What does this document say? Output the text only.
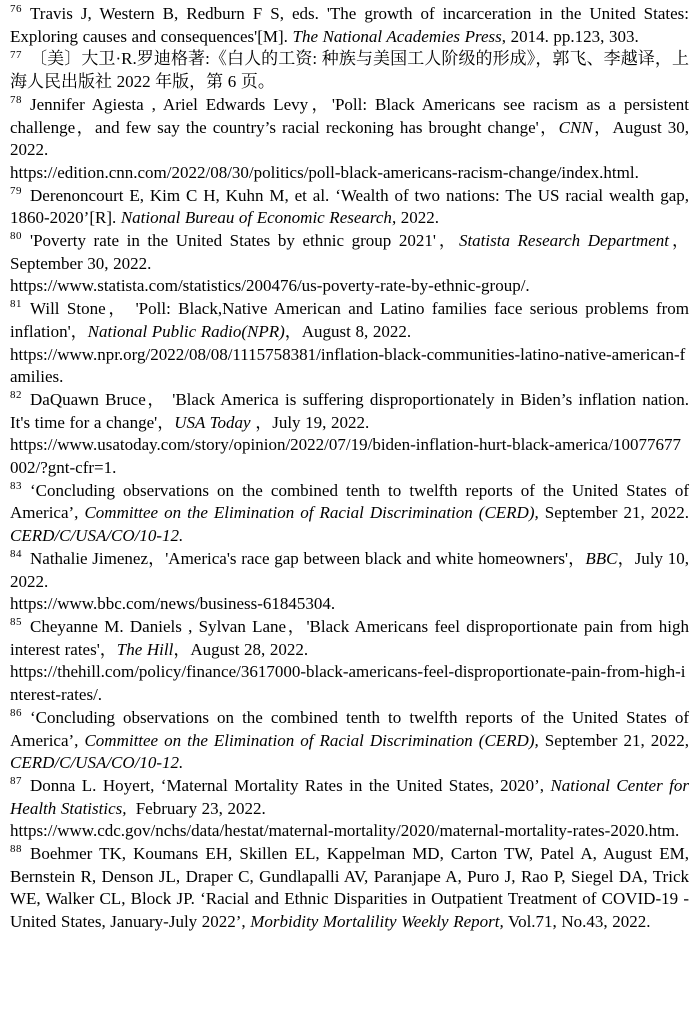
$^{76}$ Travis J, Western B, Redburn F S, eds. 'The growth of incarceration in the United States: Exploring causes and consequences'[M]. The National Academies Press, 2014. pp.123, 303.

$^{77}$ 〔美〕大卫·R.罗迪格著:《白人的工资: 种族与美国工人阶级的形成》，郭飞、李越译，上海人民出版社 2022 年版，第 6 页。

$^{78}$ Jennifer Agiesta , Ariel Edwards Levy，'Poll: Black Americans see racism as a persistent challenge，and few say the country’s racial reckoning has brought change'，CNN，August 30, 2022.
https://edition.cnn.com/2022/08/30/politics/poll-black-americans-racism-change/index.html.

$^{79}$ Derenoncourt E, Kim C H, Kuhn M, et al. ‘Wealth of two nations: The US racial wealth gap, 1860-2020’[R]. National Bureau of Economic Research, 2022.

$^{80}$ 'Poverty rate in the United States by ethnic group 2021'，Statista Research Department，September 30, 2022.
https://www.statista.com/statistics/200476/us-poverty-rate-by-ethnic-group/.

$^{81}$ Will Stone， 'Poll: Black,Native American and Latino families face serious problems from inflation'，National Public Radio(NPR)，August 8, 2022.
https://www.npr.org/2022/08/08/1115758381/inflation-black-communities-latino-native-american-families.

$^{82}$ DaQuawn Bruce， 'Black America is suffering disproportionately in Biden’s inflation nation. It's time for a change'，USA Today ，July 19, 2022.
https://www.usatoday.com/story/opinion/2022/07/19/biden-inflation-hurt-black-america/10077677002/?gnt-cfr=1.

$^{83}$ ‘Concluding observations on the combined tenth to twelfth reports of the United States of America’, Committee on the Elimination of Racial Discrimination (CERD), September 21, 2022. CERD/C/USA/CO/10-12.

$^{84}$ Nathalie Jimenez，'America's race gap between black and white homeowners'，BBC，July 10, 2022.
https://www.bbc.com/news/business-61845304.

$^{85}$ Cheyanne M. Daniels , Sylvan Lane，'Black Americans feel disproportionate pain from high interest rates'，The Hill，August 28, 2022.
https://thehill.com/policy/finance/3617000-black-americans-feel-disproportionate-pain-from-high-interest-rates/.

$^{86}$ ‘Concluding observations on the combined tenth to twelfth reports of the United States of America’, Committee on the Elimination of Racial Discrimination (CERD), September 21, 2022, CERD/C/USA/CO/10-12.

$^{87}$ Donna L. Hoyert, ‘Maternal Mortality Rates in the United States, 2020’, National Center for Health Statistics,  February 23, 2022.
https://www.cdc.gov/nchs/data/hestat/maternal-mortality/2020/maternal-mortality-rates-2020.htm.

$^{88}$ Boehmer TK, Koumans EH, Skillen EL, Kappelman MD, Carton TW, Patel A, August EM, Bernstein R, Denson JL, Draper C, Gundlapalli AV, Paranjape A, Puro J, Rao P, Siegel DA, Trick WE, Walker CL, Block JP. ‘Racial and Ethnic Disparities in Outpatient Treatment of COVID-19 - United States, January-July 2022’, Morbidity Mortalility Weekly Report, Vol.71, No.43, 2022.
